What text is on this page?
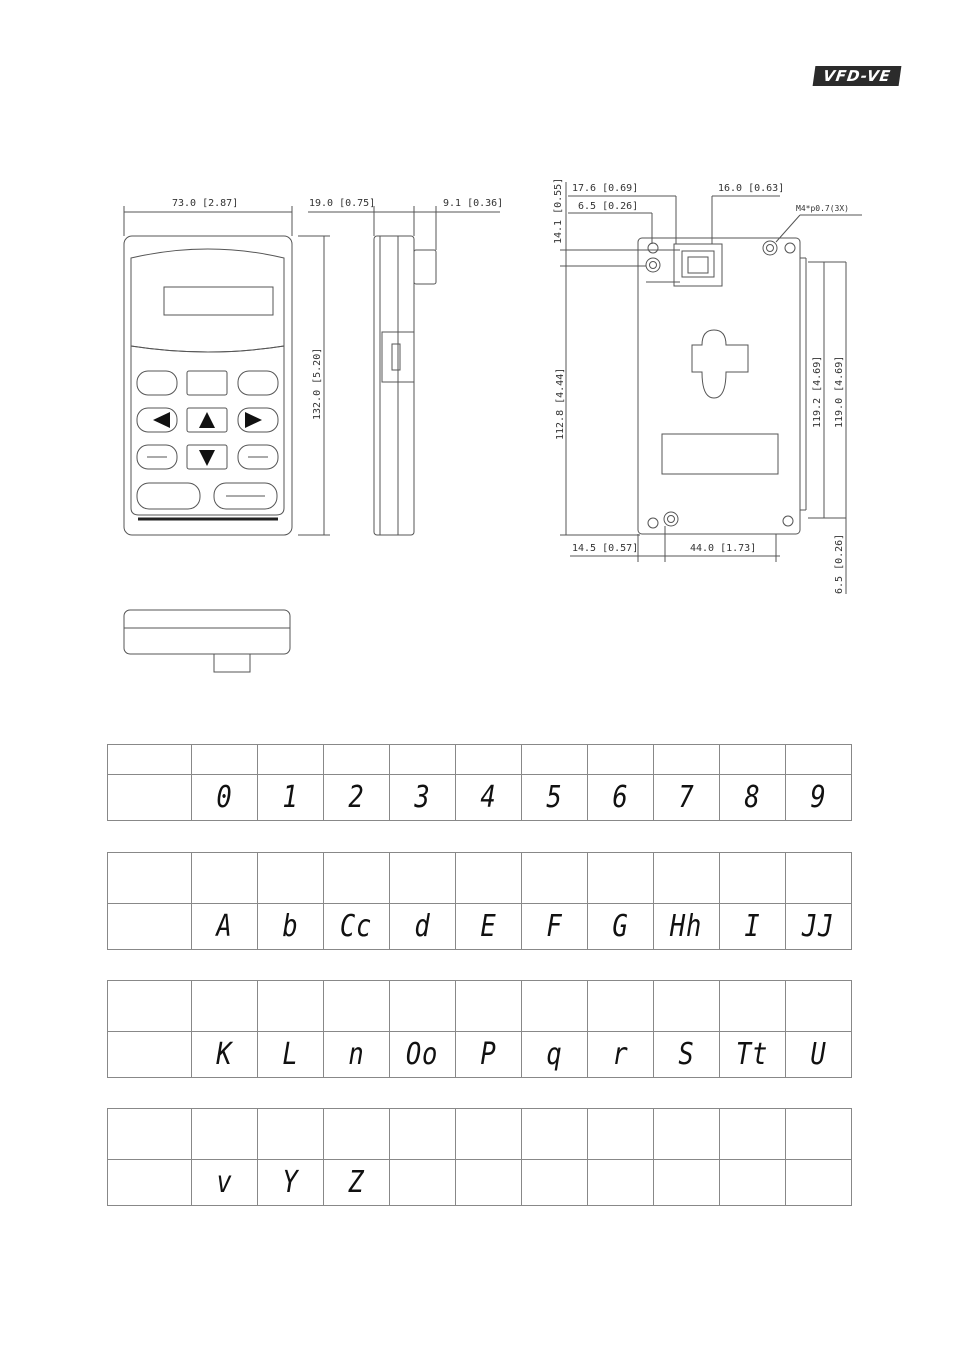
VFD-VE
73.0 [2.87]
132.0 [5.20]
19.0 [0.75]	9.1 [0.36]
17.6 [0.69]
6.5 [0.26]
16.0 [0.63]
14.1 [0.55]
112.8 [4.44]
M4*p0.7(3X)
119.2 [4.69] 119.0 [4.69]
14.5 [0.57]	44.0 [1.73]	6.5 [0.26]

	0	1	2	3	4	5	6	7	8	9

	A	b	Cc	d	E	F	G	Hh	I	JJ

	K	L	n	Oo	P	q	r	S	Tt	U

	v	Y	Z							
